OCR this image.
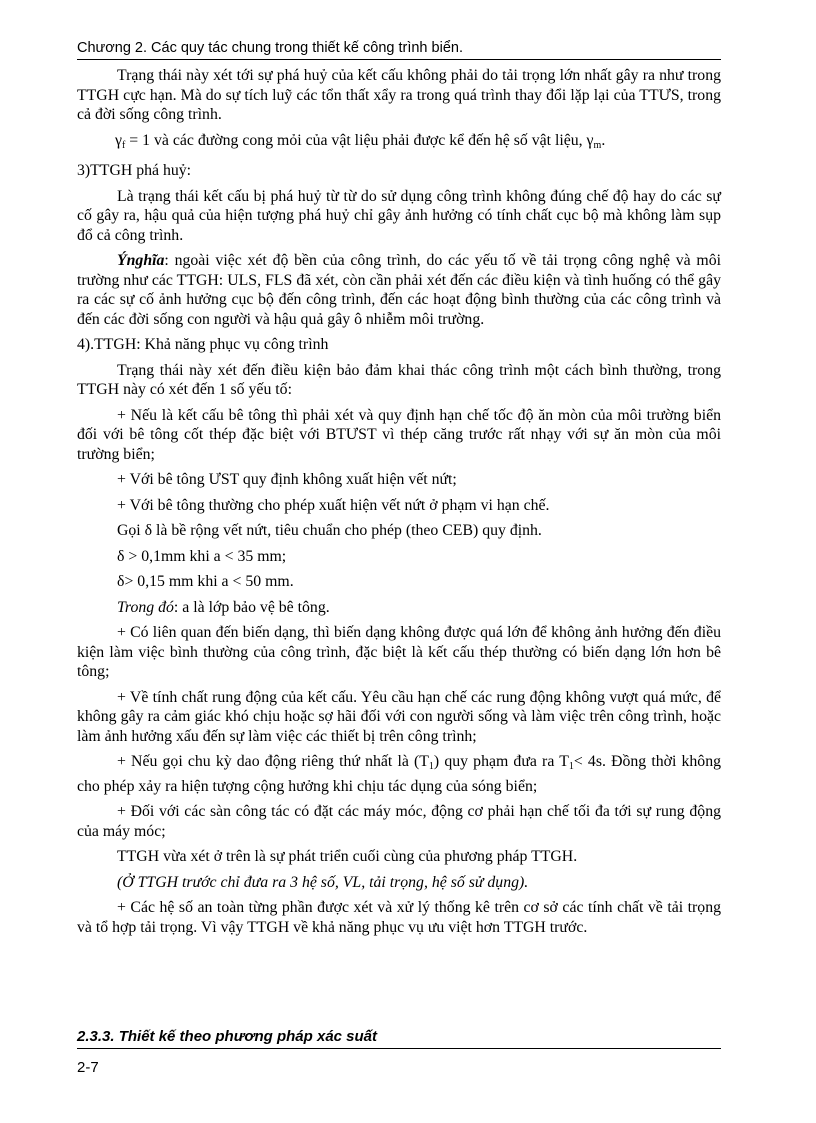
Chương 2. Các quy tác chung trong thiết kế công trình biển.

Trạng thái này xét tới sự phá huỷ của kết cấu không phải do tải trọng lớn nhất gây ra như trong TTGH cực hạn. Mà do sự tích luỹ các tổn thất xẩy ra trong quá trình thay đổi lặp lại của TTƯS, trong cả đời sống công trình.

$\gamma_f = 1$ và các đường cong mỏi của vật liệu phải được kể đến hệ số vật liệu, $\gamma_m$.

3)TTGH phá huỷ:

Là trạng thái kết cấu bị phá huỷ từ từ do sử dụng công trình không đúng chế độ hay do các sự cố gây ra, hậu quả của hiện tượng phá huỷ chỉ gây ảnh hưởng có tính chất cục bộ mà không làm sụp đổ cả công trình.

Ýnghĩa: ngoài việc xét độ bền của công trình, do các yếu tố về tải trọng công nghệ và môi trường như các TTGH: ULS, FLS đã xét, còn cần phải xét đến các điều kiện và tình huống có thể gây ra các sự cố ảnh hưởng cục bộ đến công trình, đến các hoạt động bình thường của các công trình và đến các đời sống con người và hậu quả gây ô nhiễm môi trường.

4).TTGH: Khả năng phục vụ công trình

Trạng thái này xét đến điều kiện bảo đảm khai thác công trình một cách bình thường, trong TTGH này có xét đến 1 số yếu tố:

+ Nếu là kết cấu bê tông thì phải xét và quy định hạn chế tốc độ ăn mòn của môi trường biển đối với bê tông cốt thép đặc biệt với BTƯST vì thép căng trước rất nhạy với sự ăn mòn của môi trường biển;

+ Với bê tông ƯST quy định không xuất hiện vết nứt;

+ Với bê tông thường cho phép xuất hiện vết nứt ở phạm vi hạn chế.

Gọi δ là bề rộng vết nứt, tiêu chuẩn cho phép (theo CEB) quy định.

δ > 0,1mm khi a < 35 mm;

δ> 0,15 mm khi a < 50 mm.

Trong đó: a là lớp bảo vệ bê tông.

+ Có liên quan đến biến dạng, thì biến dạng không được quá lớn để không ảnh hưởng đến điều kiện làm việc bình thường của công trình, đặc biệt là kết cấu thép thường có biến dạng lớn hơn bê tông;

+ Về tính chất rung động của kết cấu. Yêu cầu hạn chế các rung động không vượt quá mức, để không gây ra cảm giác khó chịu hoặc sợ hãi đối với con người sống và làm việc trên công trình, hoặc làm ảnh hưởng xấu đến sự làm việc các thiết bị trên công trình;

+ Nếu gọi chu kỳ dao động riêng thứ nhất là $(T_1)$ quy phạm đưa ra $T_1< 4s$. Đồng thời không cho phép xảy ra hiện tượng cộng hưởng khi chịu tác dụng của sóng biển;

+ Đối với các sàn công tác có đặt các máy móc, động cơ phải hạn chế tối đa tới sự rung động của máy móc;

TTGH vừa xét ở trên là sự phát triển cuối cùng của phương pháp TTGH.

(Ở TTGH trước chỉ đưa ra 3 hệ số, VL, tải trọng, hệ số sử dụng).

+ Các hệ số an toàn từng phần được xét và xử lý thống kê trên cơ sở các tính chất về tải trọng và tổ hợp tải trọng. Vì vậy TTGH về khả năng phục vụ ưu việt hơn TTGH trước.

2.3.3. Thiết kế theo phương pháp xác suất
2-7
